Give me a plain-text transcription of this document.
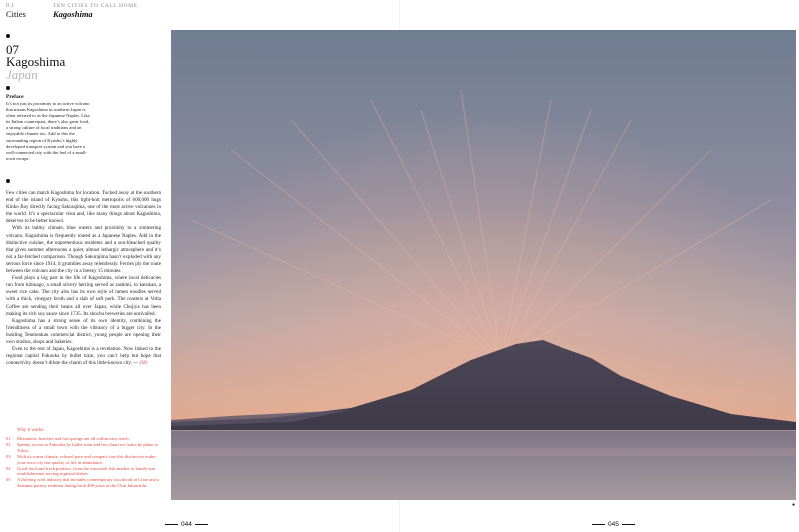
0.1
Cities
TEN CITIES TO CALL HOME
Kagoshima
07
Kagoshima
Japan
Preface
It’s not just its proximity to an active volcano that means Kagoshima in southern Japan is often referred to as the Japanese Naples. Like its Italian counterpart, there’s also great food, a strong culture of local traditions and an enjoyable climate too. Add to this the surrounding region of Kyushu’s highly developed transport system and you have a well-connected city with the feel of a small-town escape.

Few cities can match Kagoshima for location. Tucked away at the southern end of the island of Kyushu, this tight-knit metropolis of 600,000 hugs Kinko Bay directly facing Sakurajima, one of the most active volcanoes in the world. It’s a spectacular vista and, like many things about Kagoshima, deserves to be better known.

With its balmy climate, blue waters and proximity to a simmering volcano, Kagoshima is frequently touted as a Japanese Naples. Add in the distinctive cuisine, the unpretentious residents and a sun-bleached quality that gives summer afternoons a quiet, almost lethargic atmosphere and it’s not a far-fetched comparison. Though Sakurajima hasn’t exploded with any serious force since 1914, it grumbles away relentlessly. Ferries ply the route between the volcano and the city in a breezy 15 minutes.

Food plays a big part in the life of Kagoshima, where local delicacies run from kibinago, a small silvery herring served as sashimi, to karukan, a sweet rice cake. The city also has its own style of ramen noodles served with a thick, vinegary broth and a slab of soft pork. The roasters at Volta Coffee are sending their beans all over Japan, while Chojiya has been making its rich soy sauce since 1735. Its shochu breweries are unrivalled.

Kagoshima has a strong sense of its own identity, combining the friendliness of a small town with the vibrancy of a bigger city. In the bustling Tenmonkan commercial district, young people are opening their own studios, shops and bakeries.

Even to the rest of Japan, Kagoshima is a revelation. Now linked to the regional capital Fukuoka by bullet train, you can’t help but hope that connectivity doesn’t dilute the charm of this little-known city. — (M)

Why it works:
01	Mountains, beaches and hot springs are all within easy reach.
02	Speedy access to Fukuoka by bullet train and less than two hours by plane to Tokyo.
03	With its warm climate, relaxed pace and compact size this distinctive make-your-own-city has quality of life in abundance.
04	Good food and fresh produce, from the waterside fish market to family-run establishments serving regional dishes.
05	A thriving craft industry that includes contemporary woodcraft at Crate and a Satsuma pottery tradition dating back 400 years at the Chin Jukan kiln.
●
044	045
